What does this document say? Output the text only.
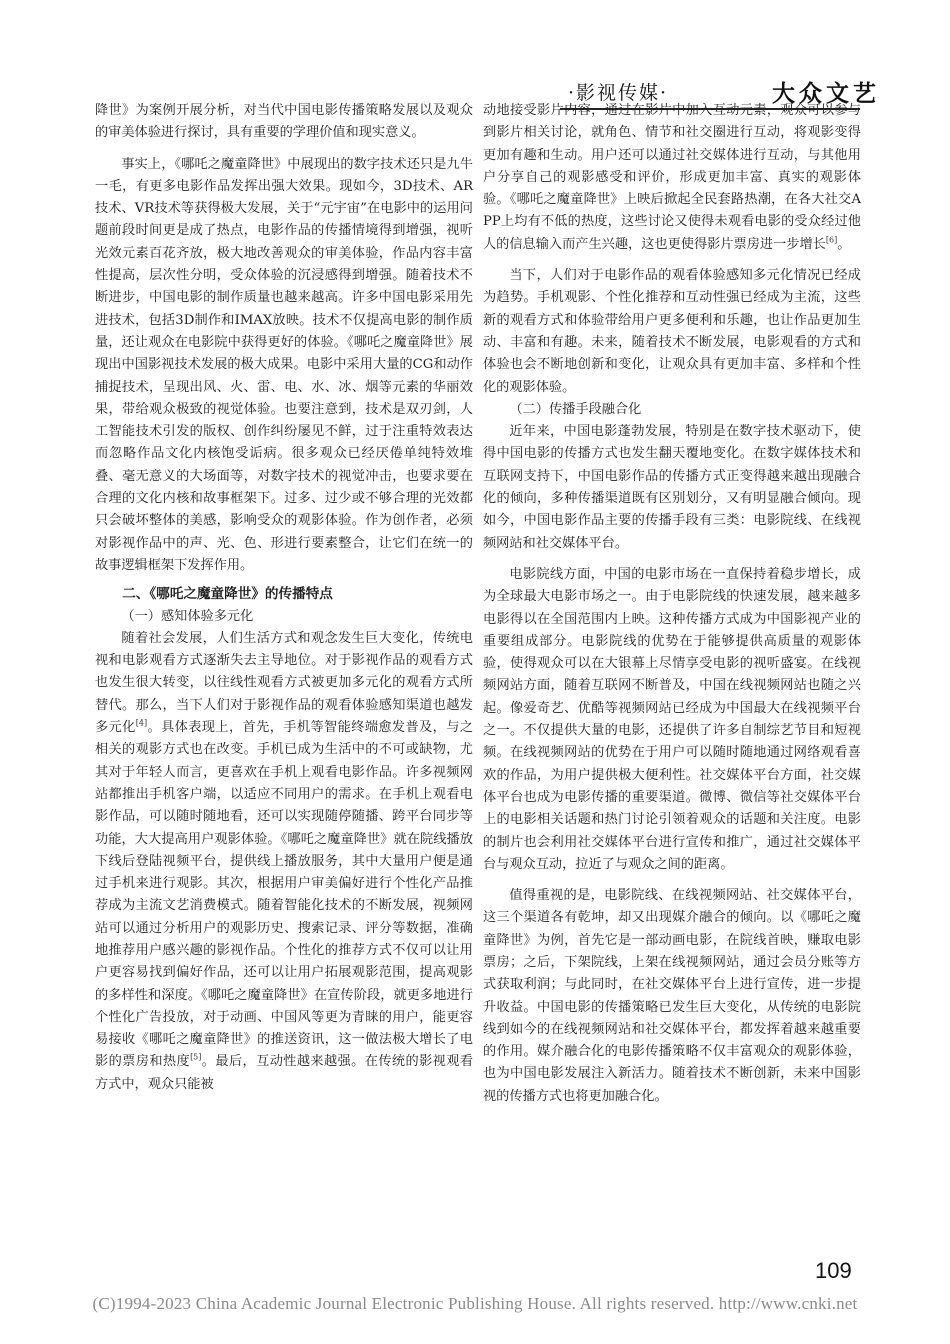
·影视传媒·	大众文艺

降世》为案例开展分析，对当代中国电影传播策略发展以及观众的审美体验进行探讨，具有重要的学理价值和现实意义。

事实上，《哪吒之魔童降世》中展现出的数字技术还只是九牛一毛，有更多电影作品发挥出强大效果。现如今，3D技术、AR技术、VR技术等获得极大发展，关于“元宇宙”在电影中的运用问题前段时间更是成了热点，电影作品的传播情境得到增强，视听光效元素百花齐放，极大地改善观众的审美体验，作品内容丰富性提高，层次性分明，受众体验的沉浸感得到增强。随着技术不断进步，中国电影的制作质量也越来越高。许多中国电影采用先进技术，包括3D制作和IMAX放映。技术不仅提高电影的制作质量，还让观众在电影院中获得更好的体验。《哪吒之魔童降世》展现出中国影视技术发展的极大成果。电影中采用大量的CG和动作捕捉技术，呈现出风、火、雷、电、水、冰、烟等元素的华丽效果，带给观众极致的视觉体验。也要注意到，技术是双刃剑，人工智能技术引发的版权、创作纠纷屡见不鲜，过于注重特效表达而忽略作品文化内核饱受诟病。很多观众已经厌倦单纯特效堆叠、毫无意义的大场面等，对数字技术的视觉冲击，也要求要在合理的文化内核和故事框架下。过多、过少或不够合理的光效都只会破坏整体的美感，影响受众的观影体验。作为创作者，必须对影视作品中的声、光、色、形进行要素整合，让它们在统一的故事逻辑框架下发挥作用。

二、《哪吒之魔童降世》的传播特点
（一）感知体验多元化

随着社会发展，人们生活方式和观念发生巨大变化，传统电视和电影观看方式逐渐失去主导地位。对于影视作品的观看方式也发生很大转变，以往线性观看方式被更加多元化的观看方式所替代。那么，当下人们对于影视作品的观看体验感知渠道也越发多元化[4]。具体表现上，首先，手机等智能终端愈发普及，与之相关的观影方式也在改变。手机已成为生活中的不可或缺物，尤其对于年轻人而言，更喜欢在手机上观看电影作品。许多视频网站都推出手机客户端，以适应不同用户的需求。在手机上观看电影作品，可以随时随地看，还可以实现随停随播、跨平台同步等功能，大大提高用户观影体验。《哪吒之魔童降世》就在院线播放下线后登陆视频平台，提供线上播放服务，其中大量用户便是通过手机来进行观影。其次，根据用户审美偏好进行个性化产品推荐成为主流文艺消费模式。随着智能化技术的不断发展，视频网站可以通过分析用户的观影历史、搜索记录、评分等数据，准确地推荐用户感兴趣的影视作品。个性化的推荐方式不仅可以让用户更容易找到偏好作品，还可以让用户拓展观影范围，提高观影的多样性和深度。《哪吒之魔童降世》在宣传阶段，就更多地进行个性化广告投放，对于动画、中国风等更为青睐的用户，能更容易接收《哪吒之魔童降世》的推送资讯，这一做法极大增长了电影的票房和热度[5]。最后，互动性越来越强。在传统的影视观看方式中，观众只能被

动地接受影片内容，通过在影片中加入互动元素，观众可以参与到影片相关讨论，就角色、情节和社交圈进行互动，将观影变得更加有趣和生动。用户还可以通过社交媒体进行互动，与其他用户分享自己的观影感受和评价，形成更加丰富、真实的观影体验。《哪吒之魔童降世》上映后掀起全民套路热潮，在各大社交APP上均有不低的热度，这些讨论又使得未观看电影的受众经过他人的信息输入而产生兴趣，这也更使得影片票房进一步增长[6]。

当下，人们对于电影作品的观看体验感知多元化情况已经成为趋势。手机观影、个性化推荐和互动性强已经成为主流，这些新的观看方式和体验带给用户更多便利和乐趣，也让作品更加生动、丰富和有趣。未来，随着技术不断发展，电影观看的方式和体验也会不断地创新和变化，让观众具有更加丰富、多样和个性化的观影体验。

（二）传播手段融合化

近年来，中国电影蓬勃发展，特别是在数字技术驱动下，使得中国电影的传播方式也发生翻天覆地变化。在数字媒体技术和互联网支持下，中国电影作品的传播方式正变得越来越出现融合化的倾向，多种传播渠道既有区别划分，又有明显融合倾向。现如今，中国电影作品主要的传播手段有三类：电影院线、在线视频网站和社交媒体平台。

电影院线方面，中国的电影市场在一直保持着稳步增长，成为全球最大电影市场之一。由于电影院线的快速发展，越来越多电影得以在全国范围内上映。这种传播方式成为中国影视产业的重要组成部分。电影院线的优势在于能够提供高质量的观影体验，使得观众可以在大银幕上尽情享受电影的视听盛宴。在线视频网站方面，随着互联网不断普及，中国在线视频网站也随之兴起。像爱奇艺、优酷等视频网站已经成为中国最大在线视频平台之一。不仅提供大量的电影，还提供了许多自制综艺节目和短视频。在线视频网站的优势在于用户可以随时随地通过网络观看喜欢的作品，为用户提供极大便利性。社交媒体平台方面，社交媒体平台也成为电影传播的重要渠道。微博、微信等社交媒体平台上的电影相关话题和热门讨论引领着观众的话题和关注度。电影的制片也会利用社交媒体平台进行宣传和推广，通过社交媒体平台与观众互动，拉近了与观众之间的距离。

值得重视的是，电影院线、在线视频网站、社交媒体平台，这三个渠道各有乾坤，却又出现媒介融合的倾向。以《哪吒之魔童降世》为例，首先它是一部动画电影，在院线首映，赚取电影票房；之后，下架院线，上架在线视频网站，通过会员分账等方式获取利润；与此同时，在社交媒体平台上进行宣传，进一步提升收益。中国电影的传播策略已发生巨大变化，从传统的电影院线到如今的在线视频网站和社交媒体平台，都发挥着越来越重要的作用。媒介融合化的电影传播策略不仅丰富观众的观影体验，也为中国电影发展注入新活力。随着技术不断创新，未来中国影视的传播方式也将更加融合化。

109
(C)1994-2023 China Academic Journal Electronic Publishing House. All rights reserved. http://www.cnki.net
